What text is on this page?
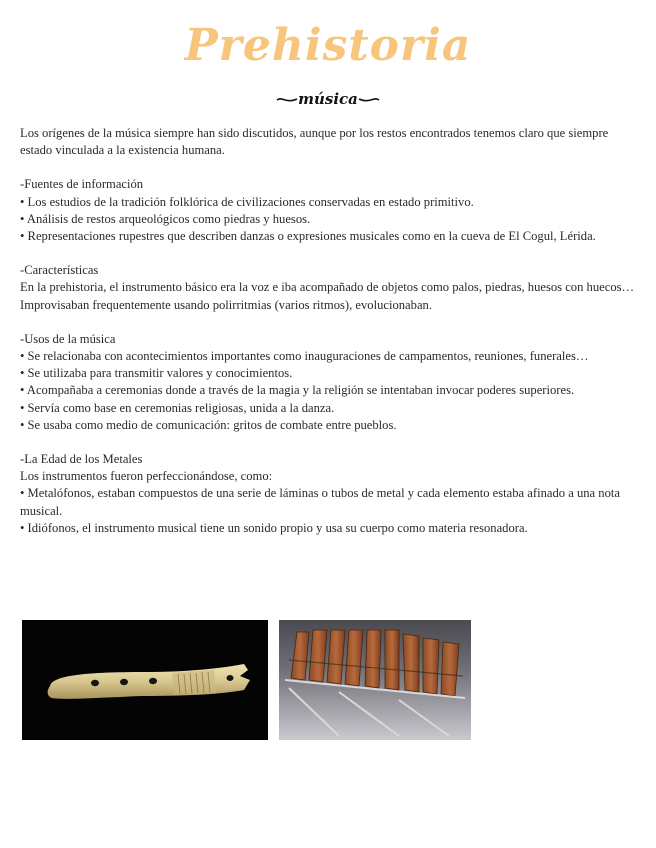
Prehistoria
música

Los orígenes de la música siempre han sido discutidos, aunque por los restos encontrados tenemos claro que siempre estado vinculada a la existencia humana.

-Fuentes de información

• Los estudios de la tradición folklórica de civilizaciones conservadas en estado primitivo.

• Análisis de restos arqueológicos como piedras y huesos.

• Representaciones rupestres que describen danzas o expresiones musicales como en la cueva de El Cogul, Lérida.

-Características

En la prehistoria, el instrumento básico era la voz e iba acompañado de objetos como palos, piedras, huesos con huecos… Improvisaban frequentemente usando polirritmias (varios ritmos), evolucionaban.

-Usos de la música

• Se relacionaba con acontecimientos importantes como inauguraciones de campamentos, reuniones, funerales…

• Se utilizaba para transmitir valores y conocimientos.

• Acompañaba a ceremonias donde a través de la magia y la religión se intentaban invocar poderes superiores.

• Servía como base en ceremonias religiosas, unida a la danza.

• Se usaba como medio de comunicación: gritos de combate entre pueblos.

-La Edad de los Metales

Los instrumentos fueron perfeccionándose, como:

• Metalófonos, estaban compuestos de una serie de láminas o tubos de metal y cada elemento estaba afinado a una nota musical.

• Idiófonos, el instrumento musical tiene un sonido propio y usa su cuerpo como materia resonadora.
